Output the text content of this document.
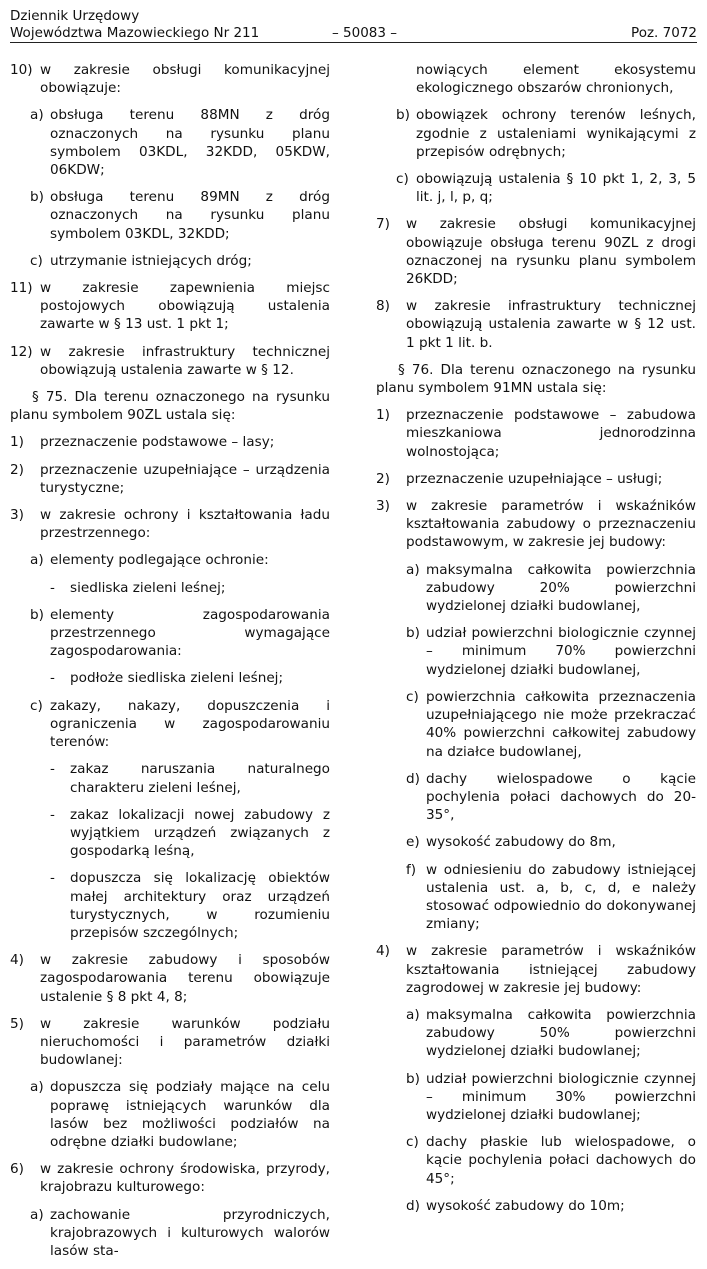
Dziennik Urzędowy
Województwa Mazowieckiego Nr 211	– 50083 –	Poz. 7072
10) w zakresie obsługi komunikacyjnej obowiązuje:
a) obsługa terenu 88MN z dróg oznaczonych na rysunku planu symbolem 03KDL, 32KDD, 05KDW, 06KDW;
b) obsługa terenu 89MN z dróg oznaczonych na rysunku planu symbolem 03KDL, 32KDD;
c) utrzymanie istniejących dróg;
11) w zakresie zapewnienia miejsc postojowych obowiązują ustalenia zawarte w § 13 ust. 1 pkt 1;
12) w zakresie infrastruktury technicznej obowiązują ustalenia zawarte w § 12.
§ 75. Dla terenu oznaczonego na rysunku planu symbolem 90ZL ustala się:
1) przeznaczenie podstawowe – lasy;
2) przeznaczenie uzupełniające – urządzenia turystyczne;
3) w zakresie ochrony i kształtowania ładu przestrzennego:
a) elementy podlegające ochronie:
- siedliska zieleni leśnej;
b) elementy zagospodarowania przestrzennego wymagające zagospodarowania:
- podłoże siedliska zieleni leśnej;
c) zakazy, nakazy, dopuszczenia i ograniczenia w zagospodarowaniu terenów:
- zakaz naruszania naturalnego charakteru zieleni leśnej,
- zakaz lokalizacji nowej zabudowy z wyjątkiem urządzeń związanych z gospodarką leśną,
- dopuszcza się lokalizację obiektów małej architektury oraz urządzeń turystycznych, w rozumieniu przepisów szczególnych;
4) w zakresie zabudowy i sposobów zagospodarowania terenu obowiązuje ustalenie § 8 pkt 4, 8;
5) w zakresie warunków podziału nieruchomości i parametrów działki budowlanej:
a) dopuszcza się podziały mające na celu poprawę istniejących warunków dla lasów bez możliwości podziałów na odrębne działki budowlane;
6) w zakresie ochrony środowiska, przyrody, krajobrazu kulturowego:
a) zachowanie przyrodniczych, krajobrazowych i kulturowych walorów lasów sta-
nowiących element ekosystemu ekologicznego obszarów chronionych,
b) obowiązek ochrony terenów leśnych, zgodnie z ustaleniami wynikającymi z przepisów odrębnych;
c) obowiązują ustalenia § 10 pkt 1, 2, 3, 5 lit. j, l, p, q;
7) w zakresie obsługi komunikacyjnej obowiązuje obsługa terenu 90ZL z drogi oznaczonej na rysunku planu symbolem 26KDD;
8) w zakresie infrastruktury technicznej obowiązują ustalenia zawarte w § 12 ust. 1 pkt 1 lit. b.
§ 76. Dla terenu oznaczonego na rysunku planu symbolem 91MN ustala się:
1) przeznaczenie podstawowe – zabudowa mieszkaniowa jednorodzinna wolnostojąca;
2) przeznaczenie uzupełniające – usługi;
3) w zakresie parametrów i wskaźników kształtowania zabudowy o przeznaczeniu podstawowym, w zakresie jej budowy:
a) maksymalna całkowita powierzchnia zabudowy 20% powierzchni wydzielonej działki budowlanej,
b) udział powierzchni biologicznie czynnej – minimum 70% powierzchni wydzielonej działki budowlanej,
c) powierzchnia całkowita przeznaczenia uzupełniającego nie może przekraczać 40% powierzchni całkowitej zabudowy na działce budowlanej,
d) dachy wielospadowe o kącie pochylenia połaci dachowych do 20-35°,
e) wysokość zabudowy do 8m,
f) w odniesieniu do zabudowy istniejącej ustalenia ust. a, b, c, d, e należy stosować odpowiednio do dokonywanej zmiany;
4) w zakresie parametrów i wskaźników kształtowania istniejącej zabudowy zagrodowej w zakresie jej budowy:
a) maksymalna całkowita powierzchnia zabudowy 50% powierzchni wydzielonej działki budowlanej;
b) udział powierzchni biologicznie czynnej – minimum 30% powierzchni wydzielonej działki budowlanej;
c) dachy płaskie lub wielospadowe, o kącie pochylenia połaci dachowych do 45°;
d) wysokość zabudowy do 10m;
